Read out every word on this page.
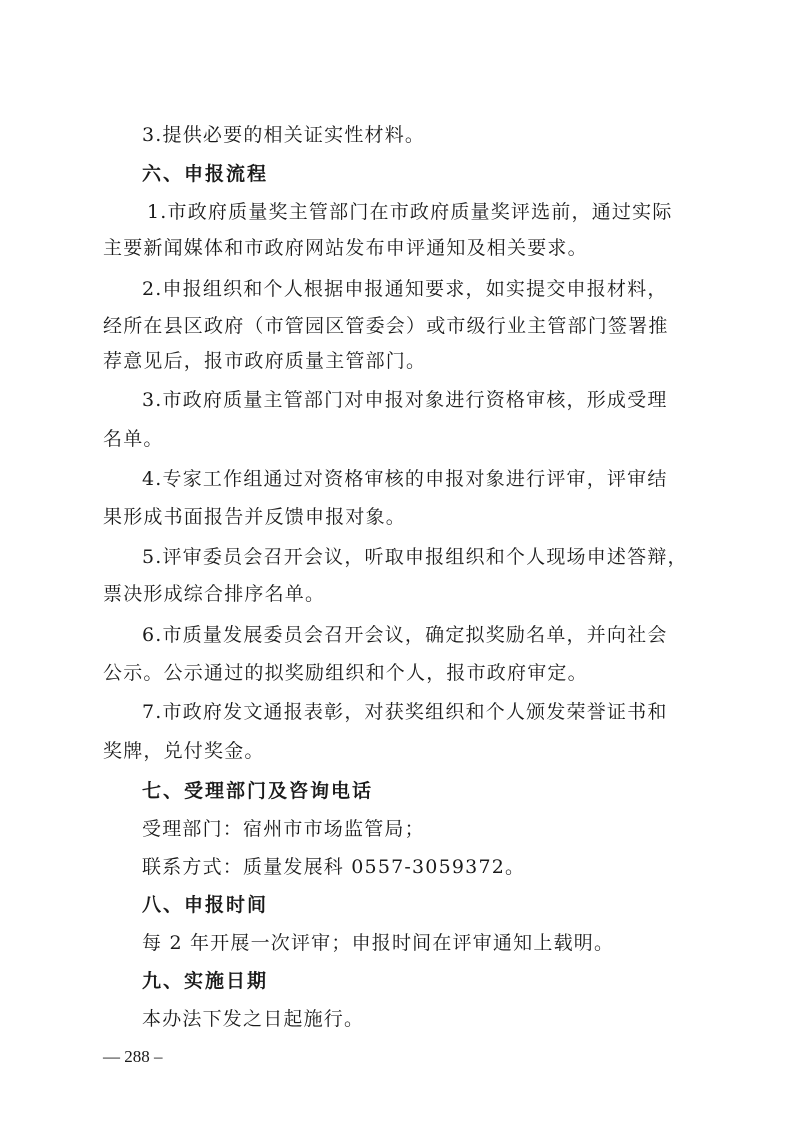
3.提供必要的相关证实性材料。
六、申报流程
1.市政府质量奖主管部门在市政府质量奖评选前，通过实际
主要新闻媒体和市政府网站发布申评通知及相关要求。
2.申报组织和个人根据申报通知要求，如实提交申报材料，
经所在县区政府（市管园区管委会）或市级行业主管部门签署推
荐意见后，报市政府质量主管部门。
3.市政府质量主管部门对申报对象进行资格审核，形成受理
名单。
4.专家工作组通过对资格审核的申报对象进行评审，评审结
果形成书面报告并反馈申报对象。
5.评审委员会召开会议，听取申报组织和个人现场申述答辩，
票决形成综合排序名单。
6.市质量发展委员会召开会议，确定拟奖励名单，并向社会
公示。公示通过的拟奖励组织和个人，报市政府审定。
7.市政府发文通报表彰，对获奖组织和个人颁发荣誉证书和
奖牌，兑付奖金。
七、受理部门及咨询电话
受理部门：宿州市市场监管局；
联系方式：质量发展科 0557-3059372。
八、申报时间
每 2 年开展一次评审；申报时间在评审通知上载明。
九、实施日期
本办法下发之日起施行。
— 288 –
